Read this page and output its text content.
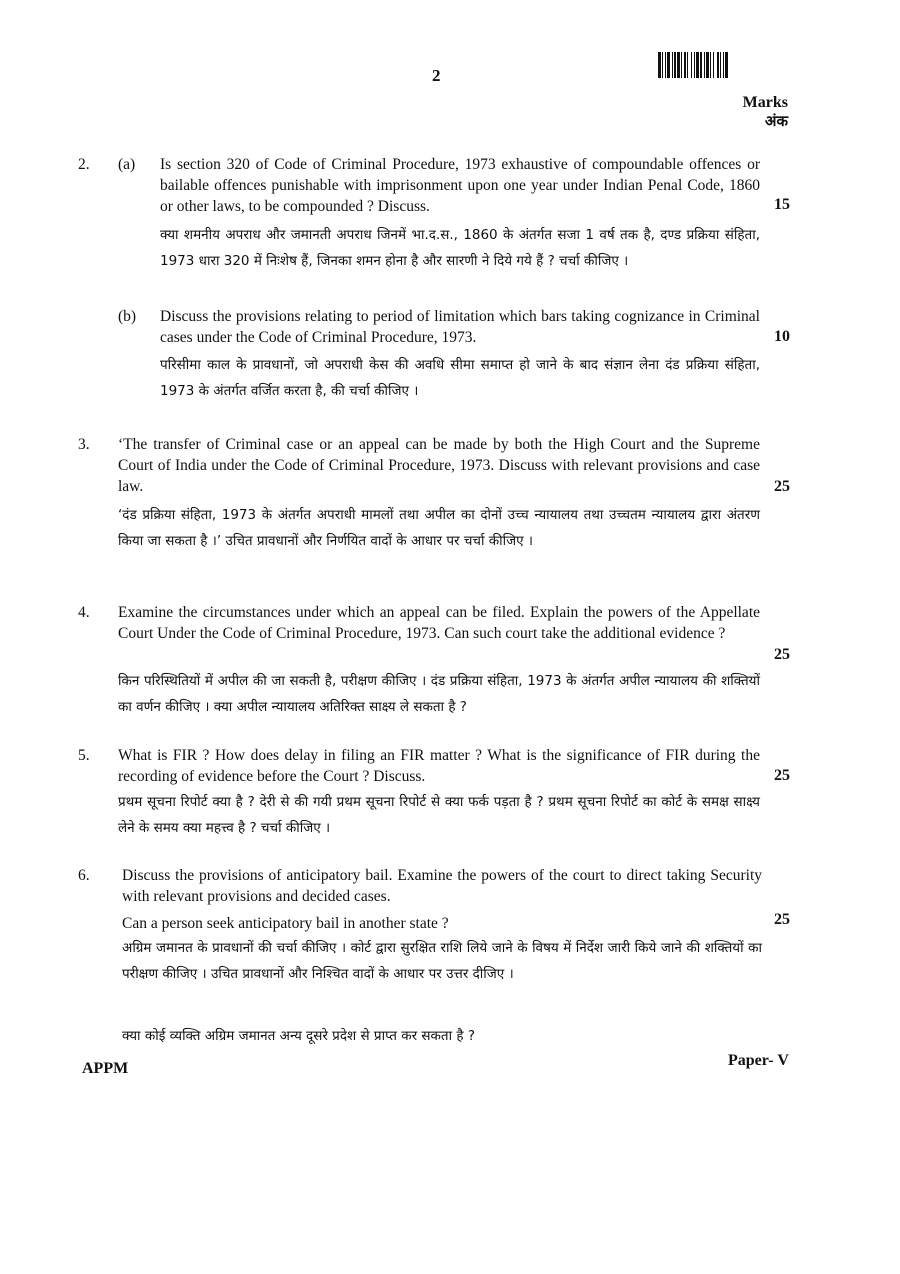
2
Marks
अंक
2. (a) Is section 320 of Code of Criminal Procedure, 1973 exhaustive of compoundable offences or bailable offences punishable with imprisonment upon one year under Indian Penal Code, 1860 or other laws, to be compounded ? Discuss.
क्या शमनीय अपराध और जमानती अपराध जिनमें भा.द.स., 1860 के अंतर्गत सजा 1 वर्ष तक है, दण्ड प्रक्रिया संहिता, 1973 धारा 320 में निःशेष हैं, जिनका शमन होना है और सारणी ने दिये गये हैं ? चर्चा कीजिए ।
15
(b) Discuss the provisions relating to period of limitation which bars taking cognizance in Criminal cases under the Code of Criminal Procedure, 1973.
परिसीमा काल के प्रावधानों, जो अपराधी केस की अवधि सीमा समाप्त हो जाने के बाद संज्ञान लेना दंड प्रक्रिया संहिता, 1973 के अंतर्गत वर्जित करता है, की चर्चा कीजिए ।
10
3. ‘The transfer of Criminal case or an appeal can be made by both the High Court and the Supreme Court of India under the Code of Criminal Procedure, 1973. Discuss with relevant provisions and case law.
‘दंड प्रक्रिया संहिता, 1973 के अंतर्गत अपराधी मामलों तथा अपील का दोनों उच्च न्यायालय तथा उच्चतम न्यायालय द्वारा अंतरण किया जा सकता है ।’ उचित प्रावधानों और निर्णयित वादों के आधार पर चर्चा कीजिए ।
25
4. Examine the circumstances under which an appeal can be filed. Explain the powers of the Appellate Court Under the Code of Criminal Procedure, 1973. Can such court take the additional evidence ?
किन परिस्थितियों में अपील की जा सकती है, परीक्षण कीजिए । दंड प्रक्रिया संहिता, 1973 के अंतर्गत अपील न्यायालय की शक्तियों का वर्णन कीजिए । क्या अपील न्यायालय अतिरिक्त साक्ष्य ले सकता है ?
25
5. What is FIR ? How does delay in filing an FIR matter ? What is the significance of FIR during the recording of evidence before the Court ? Discuss.
प्रथम सूचना रिपोर्ट क्या है ? देरी से की गयी प्रथम सूचना रिपोर्ट से क्या फर्क पड़ता है ? प्रथम सूचना रिपोर्ट का कोर्ट के समक्ष साक्ष्य लेने के समय क्या महत्त्व है ? चर्चा कीजिए ।
25
6. Discuss the provisions of anticipatory bail. Examine the powers of the court to direct taking Security with relevant provisions and decided cases.
Can a person seek anticipatory bail in another state ?
अग्रिम जमानत के प्रावधानों की चर्चा कीजिए । कोर्ट द्वारा सुरक्षित राशि लिये जाने के विषय में निर्देश जारी किये जाने की शक्तियों का परीक्षण कीजिए । उचित प्रावधानों और निश्चित वादों के आधार पर उत्तर दीजिए ।
क्या कोई व्यक्ति अग्रिम जमानत अन्य दूसरे प्रदेश से प्राप्त कर सकता है ?
25
APPM	Paper- V
